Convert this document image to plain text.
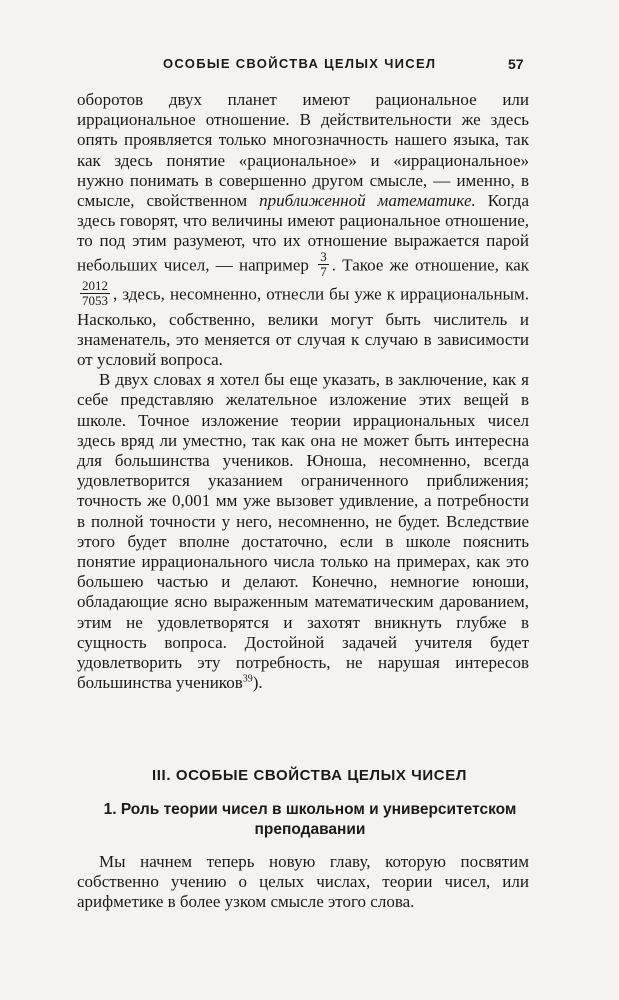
ОСОБЫЕ СВОЙСТВА ЦЕЛЫХ ЧИСЕЛ	57

оборотов двух планет имеют рациональное или иррациональное отношение. В действительности же здесь опять проявляется только многозначность нашего языка, так как здесь понятие «рациональное» и «иррациональное» нужно понимать в совершенно другом смысле, — именно, в смысле, свойственном приближенной математике. Когда здесь говорят, что величины имеют рациональное отношение, то под этим разумеют, что их отношение выражается парой небольших чисел, — например $\frac{3}{7}$ . Такое же отношение, как
$\frac{2012}{7053}$ , здесь, несомненно, отнесли бы уже к иррациональным. Насколько, собственно, велики могут быть числитель и знаменатель, это меняется от случая к случаю в зависимости от условий вопроса.

В двух словах я хотел бы еще указать, в заключение, как я себе представляю желательное изложение этих вещей в школе. Точное изложение теории иррациональных чисел здесь вряд ли уместно, так как она не может быть интересна для большинства учеников. Юноша, несомненно, всегда удовлетворится указанием ограниченного приближения; точность же 0,001 мм уже вызовет удивление, а потребности в полной точности у него, несомненно, не будет. Вследствие этого будет вполне достаточно, если в школе пояснить понятие иррационального числа только на примерах, как это большею частью и делают. Конечно, немногие юноши, обладающие ясно выраженным математическим дарованием, этим не удовлетворятся и захотят вникнуть глубже в сущность вопроса. Достойной задачей учителя будет удовлетворить эту потребность, не нарушая интересов большинства учеников$^{39}$).

III. ОСОБЫЕ СВОЙСТВА ЦЕЛЫХ ЧИСЕЛ
1. Роль теории чисел в школьном и университетском преподавании

Мы начнем теперь новую главу, которую посвятим собственно учению о целых числах, теории чисел, или арифметике в более узком смысле этого слова.
